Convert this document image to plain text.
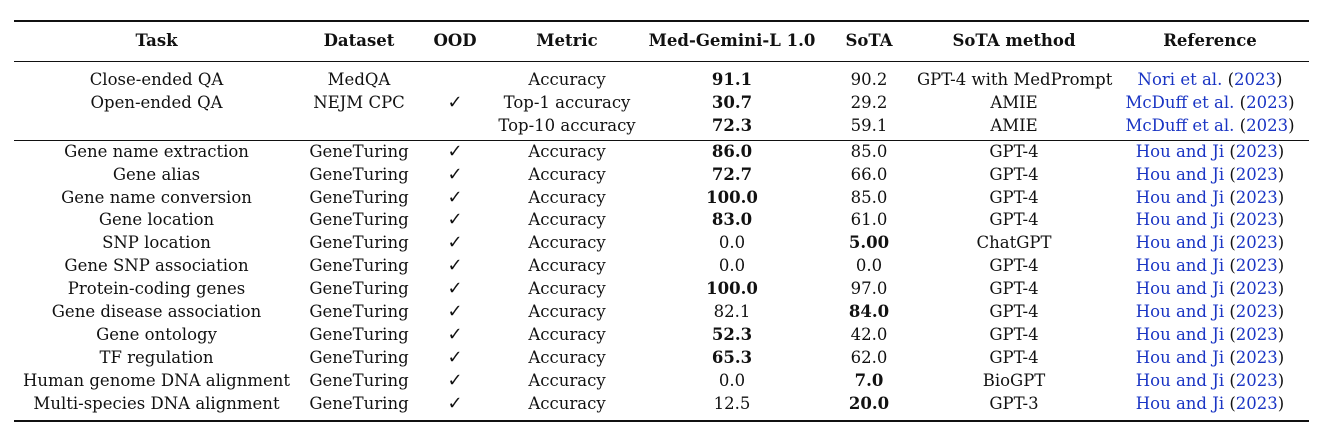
Task	Dataset	OOD	Metric	Med-Gemini-L 1.0	SoTA	SoTA method	Reference
Close-ended QA	MedQA		Accuracy	91.1	90.2	GPT-4 with MedPrompt	Nori et al. (2023)
Open-ended QA	NEJM CPC	✓	Top-1 accuracy	30.7	29.2	AMIE	McDuff et al. (2023)
			Top-10 accuracy	72.3	59.1	AMIE	McDuff et al. (2023)
Gene name extraction	GeneTuring	✓	Accuracy	86.0	85.0	GPT-4	Hou and Ji (2023)
Gene alias	GeneTuring	✓	Accuracy	72.7	66.0	GPT-4	Hou and Ji (2023)
Gene name conversion	GeneTuring	✓	Accuracy	100.0	85.0	GPT-4	Hou and Ji (2023)
Gene location	GeneTuring	✓	Accuracy	83.0	61.0	GPT-4	Hou and Ji (2023)
SNP location	GeneTuring	✓	Accuracy	0.0	5.00	ChatGPT	Hou and Ji (2023)
Gene SNP association	GeneTuring	✓	Accuracy	0.0	0.0	GPT-4	Hou and Ji (2023)
Protein-coding genes	GeneTuring	✓	Accuracy	100.0	97.0	GPT-4	Hou and Ji (2023)
Gene disease association	GeneTuring	✓	Accuracy	82.1	84.0	GPT-4	Hou and Ji (2023)
Gene ontology	GeneTuring	✓	Accuracy	52.3	42.0	GPT-4	Hou and Ji (2023)
TF regulation	GeneTuring	✓	Accuracy	65.3	62.0	GPT-4	Hou and Ji (2023)
Human genome DNA alignment	GeneTuring	✓	Accuracy	0.0	7.0	BioGPT	Hou and Ji (2023)
Multi-species DNA alignment	GeneTuring	✓	Accuracy	12.5	20.0	GPT-3	Hou and Ji (2023)
